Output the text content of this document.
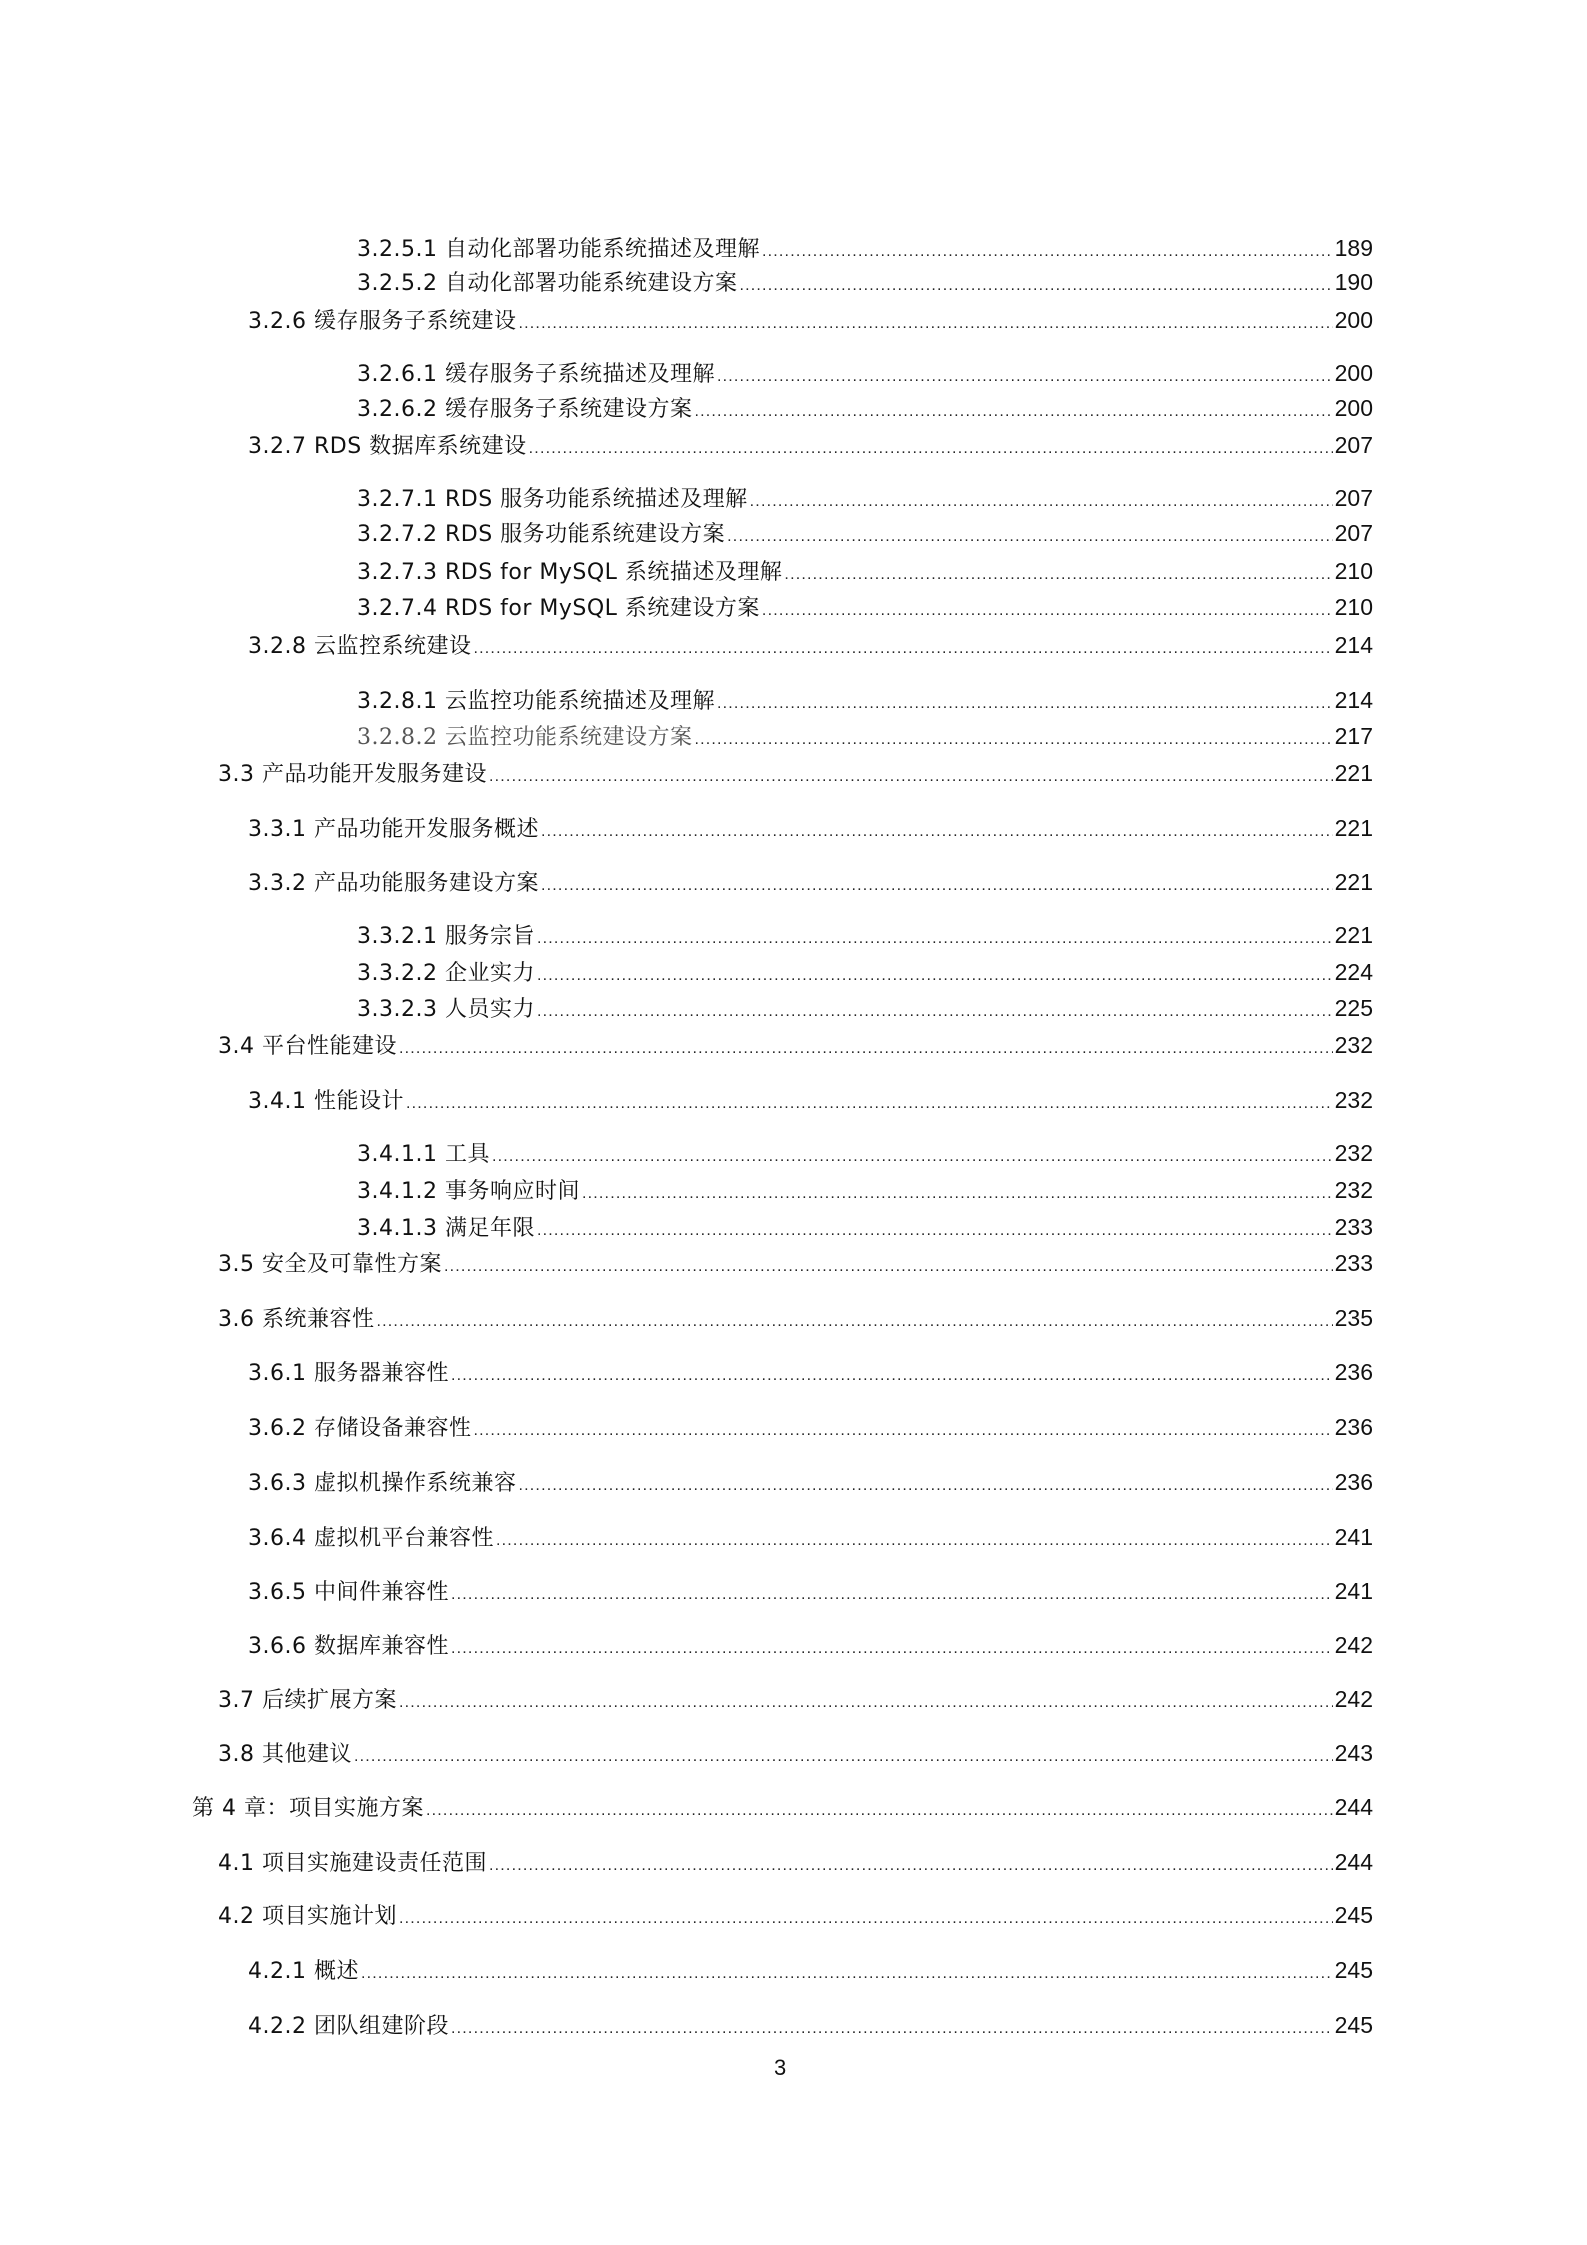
3.2.5.1 自动化部署功能系统描述及理解 .....	189
3.2.5.2 自动化部署功能系统建设方案 .....	190
3.2.6 缓存服务子系统建设 .....	200
3.2.6.1 缓存服务子系统描述及理解 .....	200
3.2.6.2 缓存服务子系统建设方案 .....	200
3.2.7 RDS 数据库系统建设 .....	207
3.2.7.1 RDS 服务功能系统描述及理解 .....	207
3.2.7.2 RDS 服务功能系统建设方案 .....	207
3.2.7.3 RDS for MySQL 系统描述及理解 .....	210
3.2.7.4 RDS for MySQL 系统建设方案 .....	210
3.2.8 云监控系统建设 .....	214
3.2.8.1 云监控功能系统描述及理解 .....	214
3.2.8.2 云监控功能系统建设方案 .....	217
3.3 产品功能开发服务建设 .....	221
3.3.1 产品功能开发服务概述 .....	221
3.3.2 产品功能服务建设方案 .....	221
3.3.2.1 服务宗旨 .....	221
3.3.2.2 企业实力 .....	224
3.3.2.3 人员实力 .....	225
3.4 平台性能建设 .....	232
3.4.1 性能设计 .....	232
3.4.1.1 工具 .....	232
3.4.1.2 事务响应时间 .....	232
3.4.1.3 满足年限 .....	233
3.5 安全及可靠性方案 .....	233
3.6 系统兼容性 .....	235
3.6.1 服务器兼容性 .....	236
3.6.2 存储设备兼容性 .....	236
3.6.3 虚拟机操作系统兼容 .....	236
3.6.4 虚拟机平台兼容性 .....	241
3.6.5 中间件兼容性 .....	241
3.6.6 数据库兼容性 .....	242
3.7 后续扩展方案 .....	242
3.8 其他建议 .....	243
第 4 章：项目实施方案 .....	244
4.1 项目实施建设责任范围 .....	244
4.2 项目实施计划 .....	245
4.2.1 概述 .....	245
4.2.2 团队组建阶段 .....	245
3
